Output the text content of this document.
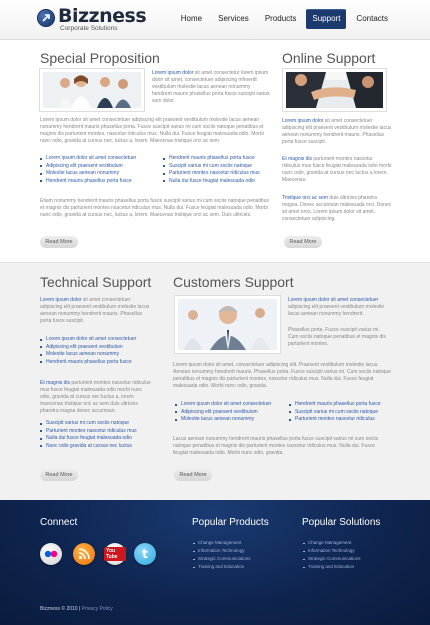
Bizzness
Corporate Solutions
Home	Services	Products	Support	Contacts
Special Proposition
Lorem ipsum dolor sit amet consectetur lorem ipsum dolor sit amet, consectetuer adipiscing mhoerdt vestibulum molestie lacus aenean nonummy hendrerit mauris phasellus porta fusce suscipit varius sum dolor.
Lorem ipsum dolor sit amet consectetuer adipiscing elit praesent vestibulum molestie lacus aenean nonummy hendrerit mauris phasellus porta. Fusce suscipit varius mi cum sociis natoque penatibus et magnis dis parturient montes, nascetur ridiculus mus. Nulla dui. Fusce feugiat malesuada odio. Morbi nunc odio, gravida at cursus nec, luctus a, lorem. Maecenas tristique orci ac sem.
Lorem ipsum dolor sit amet consectetuer
Adipiscing elit praesent vestibulum
Molestie lacus aenean nonummy
Hendrerit mauris phasellus porta fusce
Hendrerit mauris phasellus porta fusce
Suscipit varius mi cum sociis natoque
Parturient montes nascetur ridiculus mus
Nulla dui fusce feugiat malesuada odio
Etiam nonummy hendrerit mauris phasellus porta fusce suscipit varius mi cum sociis natoque penatibus et magnis dis parturient montes nascetur ridiculus mus. Nulla dui. Fusce feugiat malesuada odio. Morbi nunc odio, gravida at cursus nec, luctus a, lorem. Maecenas tristique orci ac sem. Duis ultricies.
Read More
Online Support
Lorem ipsum dolor sit amet consectetuer adipiscing elit praesent vestibulum molestie lacus aenean nonummy hendrerit mauris. Phasellus porta fusce suscipit.
Et magnis dis parturient montes nascetur ridiculus mus fusce feugiat malesuada odio morbi nunc odio, gravida at cursus nec luctus a lorem. Maecenas.
Tristique orci ac sem duis ultricies pharetra magna. Donec accumsan malesuada orci. Donec sit amet eros. Lorem ipsum dolor sit amet, consectetuer adipiscing.
Read More
Technical Support
Lorem ipsum dolor sit amet consectetuer adipiscing elit praesent vestibulum molestie lacus aenean nonummy hendrerit mauris. Phasellus porta fusce suscipit.
Lorem ipsum dolor sit amet consectetuer
Adipiscing elit praesent vestibulum
Molestie lacus aenean nonummy
Hendrerit mauris phasellus porta fusce
Et magnis dis parturient montes nascetur ridiculus mus fusce feugiat malesuada odio morbi nunc odio, gravida at cursus nec luctus a, lorem maecenas tristique orci ac sem duis ultricies pharetra magna donec accumsan.
Suscipit varius mi cum sociis natoque
Parturient montes nascetur ridiculus mus
Nulla dui fusce feugiat malesuada odio
Nunc odio gravida at cursus nec luctus
Read More
Customers Support
Lorem ipsum dolor sit amet consectetuer adipiscing elit praesent vestibulum molestie lacus aenean nonummy hendrerit.
Phasellus porta. Fusce suscipit varius mi. Cum sociis natoque penatibus et magnis dis parturient montes.
Lorem ipsum dolor sit amet, consectetuer adipiscing elit. Praesent vestibulum molestie lacus. Aenean nonummy hendrerit mauris. Phasellus porta. Fusce suscipit varius mi. Cum sociis natoque penatibus et magnis dis parturient montes, nascetur ridiculus mus. Nulla dui. Fusce feugiat malesuada odio. Morbi nunc odio, gravida.
Lorem ipsum dolor sit amet consectetuer
Adipiscing elit praesent vestibulum
Molestie lacus aenean nonummy
Hendrerit mauris phasellus porta fusce
Suscipit varius mi cum sociis natoque
Parturient montes nascetur ridiculus
Lacus aenean nonummy hendrerit mauris phasellus porta fusce suscipit varius mi cum sociis natoque penatibus et magnis dis parturient montes nascetur ridiculus mus. Nulla dui. Fusce feugiat malesuada odio. Morbi nunc odio, gravida.
Read More
Connect
You Tube	t
Popular Products
Change Management
Information Technology
Strategic Communications
Training and Education
Popular Solutions
Change Management
Information Technology
Strategic Communications
Training and Education
Bizzness © 2010 | Privacy Policy
